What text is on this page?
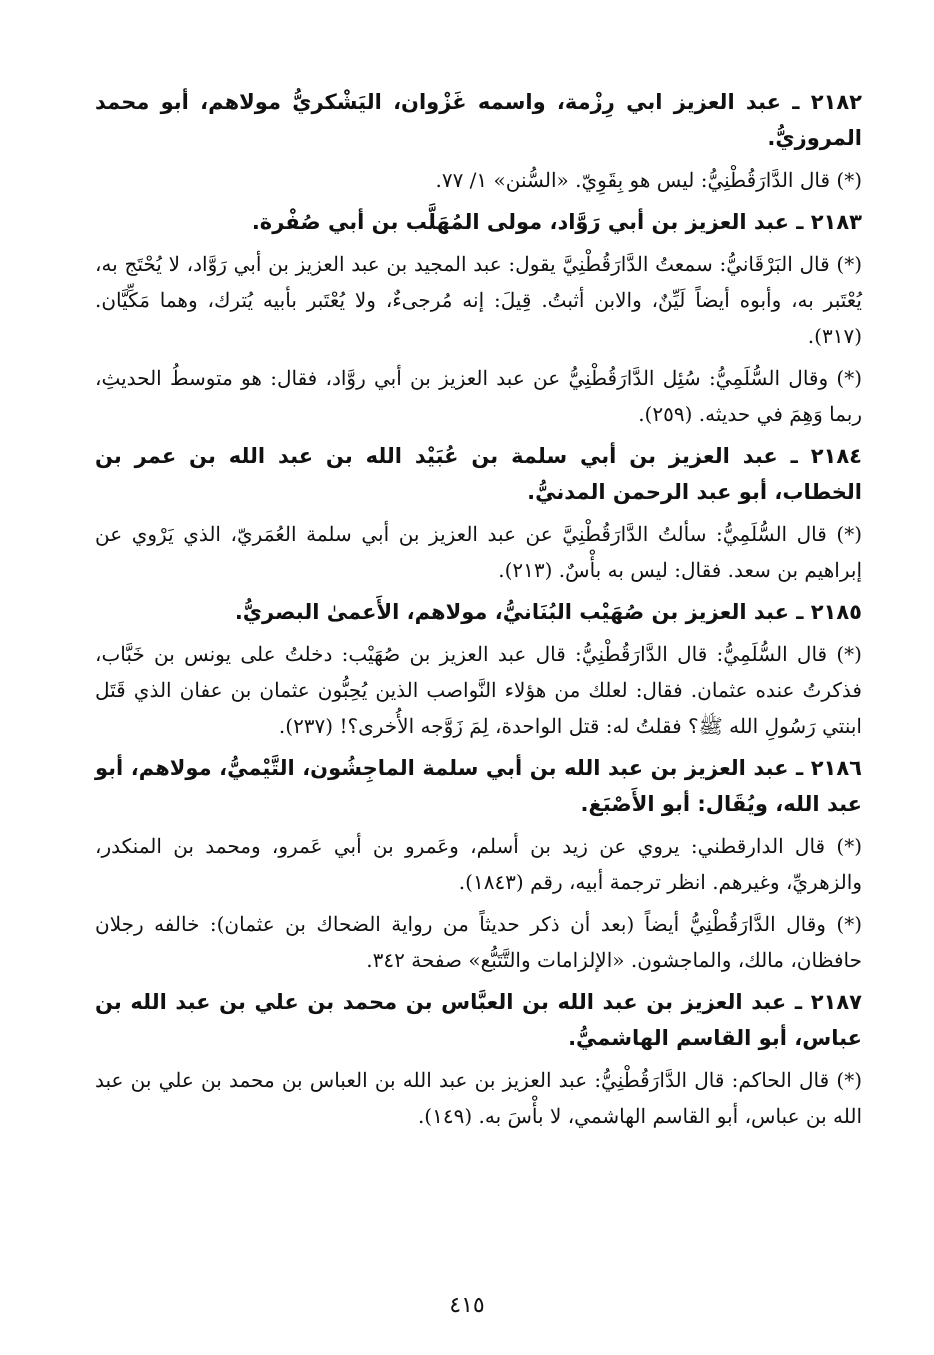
٢١٨٢ ـ عبد العزيز ابي رِزْمة، واسمه غَزْوان، اليَشْكريُّ مولاهم، أبو محمد المروزيُّ.

(*) قال الدَّارَقُطْنِيُّ: ليس هو بِقَوِيّ. «السُّنن» ١/ ٧٧.

٢١٨٣ ـ عبد العزيز بن أبي رَوَّاد، مولى المُهَلَّب بن أبي صُفْرة.

(*) قال البَرْقَانيُّ: سمعتُ الدَّارَقُطْنِيَّ يقول: عبد المجيد بن عبد العزيز بن أبي رَوَّاد، لا يُحْتَج به، يُعْتَبر به، وأبوه أيضاً لَيِّنٌ، والابن أثبتُ. قِيلَ: إنه مُرجىءٌ، ولا يُعْتَبر بأبيه يُترك، وهما مَكِّيَّان. (٣١٧).

(*) وقال السُّلَمِيُّ: سُئِل الدَّارَقُطْنِيُّ عن عبد العزيز بن أبي روَّاد، فقال: هو متوسطُ الحديثِ، ربما وَهِمَ في حديثه. (٢٥٩).

٢١٨٤ ـ عبد العزيز بن أبي سلمة بن عُبَيْد الله بن عبد الله بن عمر بن الخطاب، أبو عبد الرحمن المدنيُّ.

(*) قال السُّلَمِيُّ: سألتُ الدَّارَقُطْنِيَّ عن عبد العزيز بن أبي سلمة العُمَريّ، الذي يَرْوي عن إبراهيم بن سعد. فقال: ليس به بأْسٌ. (٢١٣).

٢١٨٥ ـ عبد العزيز بن صُهَيْب البُنَانيُّ، مولاهم، الأَعمىٰ البصريُّ.

(*) قال السُّلَمِيُّ: قال الدَّارَقُطْنِيُّ: قال عبد العزيز بن صُهَيْب: دخلتُ على يونس بن خَبَّاب، فذكرتُ عنده عثمان. فقال: لعلك من هؤلاء النَّواصب الذين يُحِبُّون عثمان بن عفان الذي قَتَل ابنتي رَسُولِ الله ﷺ؟ فقلتُ له: قتل الواحدة، لِمَ زَوَّجه الأُخرى؟! (٢٣٧).

٢١٨٦ ـ عبد العزيز بن عبد الله بن أبي سلمة الماجِشُون، التَّيْميُّ، مولاهم، أبو عبد الله، ويُقَال: أبو الأَصْبَغ.

(*) قال الدارقطني: يروي عن زيد بن أسلم، وعَمرو بن أبي عَمرو، ومحمد بن المنكدر، والزهريِّ، وغيرهم. انظر ترجمة أبيه، رقم (١٨٤٣).

(*) وقال الدَّارَقُطْنِيُّ أيضاً (بعد أن ذكر حديثاً من رواية الضحاك بن عثمان): خالفه رجلان حافظان، مالك، والماجشون. «الإلزامات والتَّتَبُّع» صفحة ٣٤٢.

٢١٨٧ ـ عبد العزيز بن عبد الله بن العبَّاس بن محمد بن علي بن عبد الله بن عباس، أبو القاسم الهاشميُّ.

(*) قال الحاكم: قال الدَّارَقُطْنِيُّ: عبد العزيز بن عبد الله بن العباس بن محمد بن علي بن عبد الله بن عباس، أبو القاسم الهاشمي، لا بأْسَ به. (١٤٩).

٤١٥
